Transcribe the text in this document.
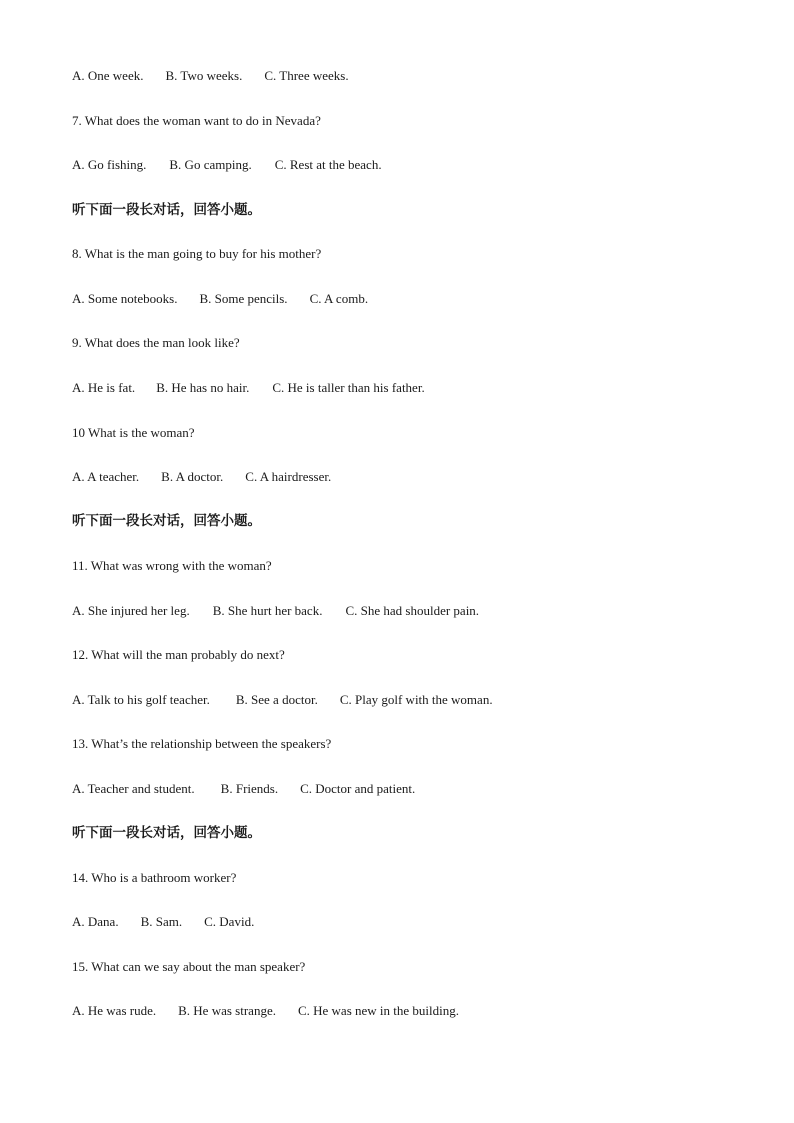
A. One week. B. Two weeks. C. Three weeks.
7. What does the woman want to do in Nevada?
A. Go fishing. B. Go camping. C. Rest at the beach.
听下面一段长对话，回答小题。
8. What is the man going to buy for his mother?
A. Some notebooks. B. Some pencils. C. A comb.
9. What does the man look like?
A. He is fat. B. He has no hair. C. He is taller than his father.
10 What is the woman?
A. A teacher. B. A doctor. C. A hairdresser.
听下面一段长对话，回答小题。
11. What was wrong with the woman?
A. She injured her leg. B. She hurt her back. C. She had shoulder pain.
12. What will the man probably do next?
A. Talk to his golf teacher. B. See a doctor. C. Play golf with the woman.
13. What’s the relationship between the speakers?
A. Teacher and student. B. Friends. C. Doctor and patient.
听下面一段长对话，回答小题。
14. Who is a bathroom worker?
A. Dana. B. Sam. C. David.
15. What can we say about the man speaker?
A. He was rude. B. He was strange. C. He was new in the building.
